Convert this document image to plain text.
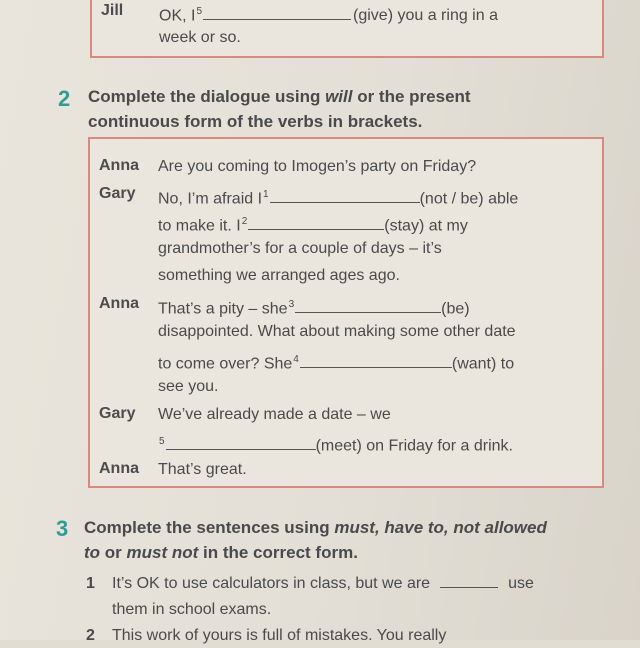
Jill OK, $I^5$	(give) you a ring in a
week or so.
2 Complete the dialogue using will or the present
continuous form of the verbs in brackets.
Anna Are you coming to Imogen’s party on Friday?
Gary No, I’m afraid $I^1$	(not / be) able
to make it. $I^2$	(stay) at my
grandmother’s for a couple of days – it’s
something we arranged ages ago.
Anna That’s a pity – she$^3$	(be)
disappointed. What about making some other date
to come over? She$^4$	(want) to
see you.
Gary We’ve already made a date – we
$^5$	(meet) on Friday for a drink.
Anna That’s great.
3 Complete the sentences using must, have to, not allowed
to or must not in the correct form.
1 It’s OK to use calculators in class, but we are	use
them in school exams.
2 This work of yours is full of mistakes. You really
